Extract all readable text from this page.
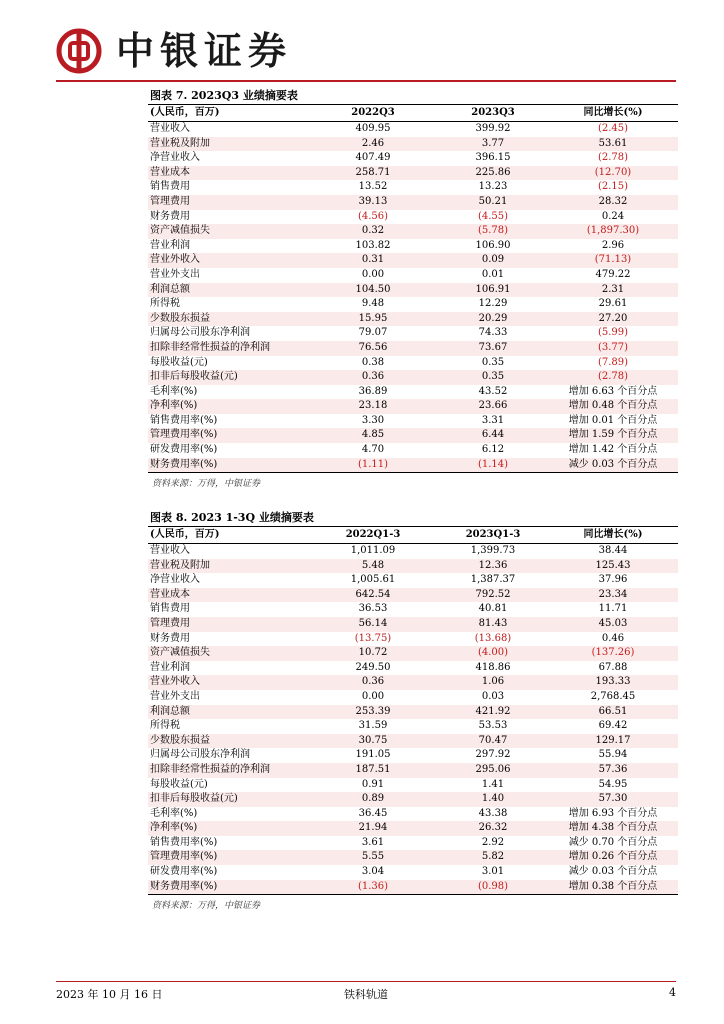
中银证券
图表 7. 2023Q3 业绩摘要表
(人民币，百万)	2022Q3	2023Q3	同比增长(%)
营业收入	409.95	399.92	(2.45)
营业税及附加	2.46	3.77	53.61
净营业收入	407.49	396.15	(2.78)
营业成本	258.71	225.86	(12.70)
销售费用	13.52	13.23	(2.15)
管理费用	39.13	50.21	28.32
财务费用	(4.56)	(4.55)	0.24
资产减值损失	0.32	(5.78)	(1,897.30)
营业利润	103.82	106.90	2.96
营业外收入	0.31	0.09	(71.13)
营业外支出	0.00	0.01	479.22
利润总额	104.50	106.91	2.31
所得税	9.48	12.29	29.61
少数股东损益	15.95	20.29	27.20
归属母公司股东净利润	79.07	74.33	(5.99)
扣除非经常性损益的净利润	76.56	73.67	(3.77)
每股收益(元)	0.38	0.35	(7.89)
扣非后每股收益(元)	0.36	0.35	(2.78)
毛利率(%)	36.89	43.52	增加 6.63 个百分点
净利率(%)	23.18	23.66	增加 0.48 个百分点
销售费用率(%)	3.30	3.31	增加 0.01 个百分点
管理费用率(%)	4.85	6.44	增加 1.59 个百分点
研发费用率(%)	4.70	6.12	增加 1.42 个百分点
财务费用率(%)	(1.11)	(1.14)	减少 0.03 个百分点
资料来源：万得，中银证券
图表 8. 2023 1-3Q 业绩摘要表
(人民币，百万)	2022Q1-3	2023Q1-3	同比增长(%)
营业收入	1,011.09	1,399.73	38.44
营业税及附加	5.48	12.36	125.43
净营业收入	1,005.61	1,387.37	37.96
营业成本	642.54	792.52	23.34
销售费用	36.53	40.81	11.71
管理费用	56.14	81.43	45.03
财务费用	(13.75)	(13.68)	0.46
资产减值损失	10.72	(4.00)	(137.26)
营业利润	249.50	418.86	67.88
营业外收入	0.36	1.06	193.33
营业外支出	0.00	0.03	2,768.45
利润总额	253.39	421.92	66.51
所得税	31.59	53.53	69.42
少数股东损益	30.75	70.47	129.17
归属母公司股东净利润	191.05	297.92	55.94
扣除非经常性损益的净利润	187.51	295.06	57.36
每股收益(元)	0.91	1.41	54.95
扣非后每股收益(元)	0.89	1.40	57.30
毛利率(%)	36.45	43.38	增加 6.93 个百分点
净利率(%)	21.94	26.32	增加 4.38 个百分点
销售费用率(%)	3.61	2.92	减少 0.70 个百分点
管理费用率(%)	5.55	5.82	增加 0.26 个百分点
研发费用率(%)	3.04	3.01	减少 0.03 个百分点
财务费用率(%)	(1.36)	(0.98)	增加 0.38 个百分点
资料来源：万得，中银证券
2023 年 10 月 16 日	铁科轨道	4
